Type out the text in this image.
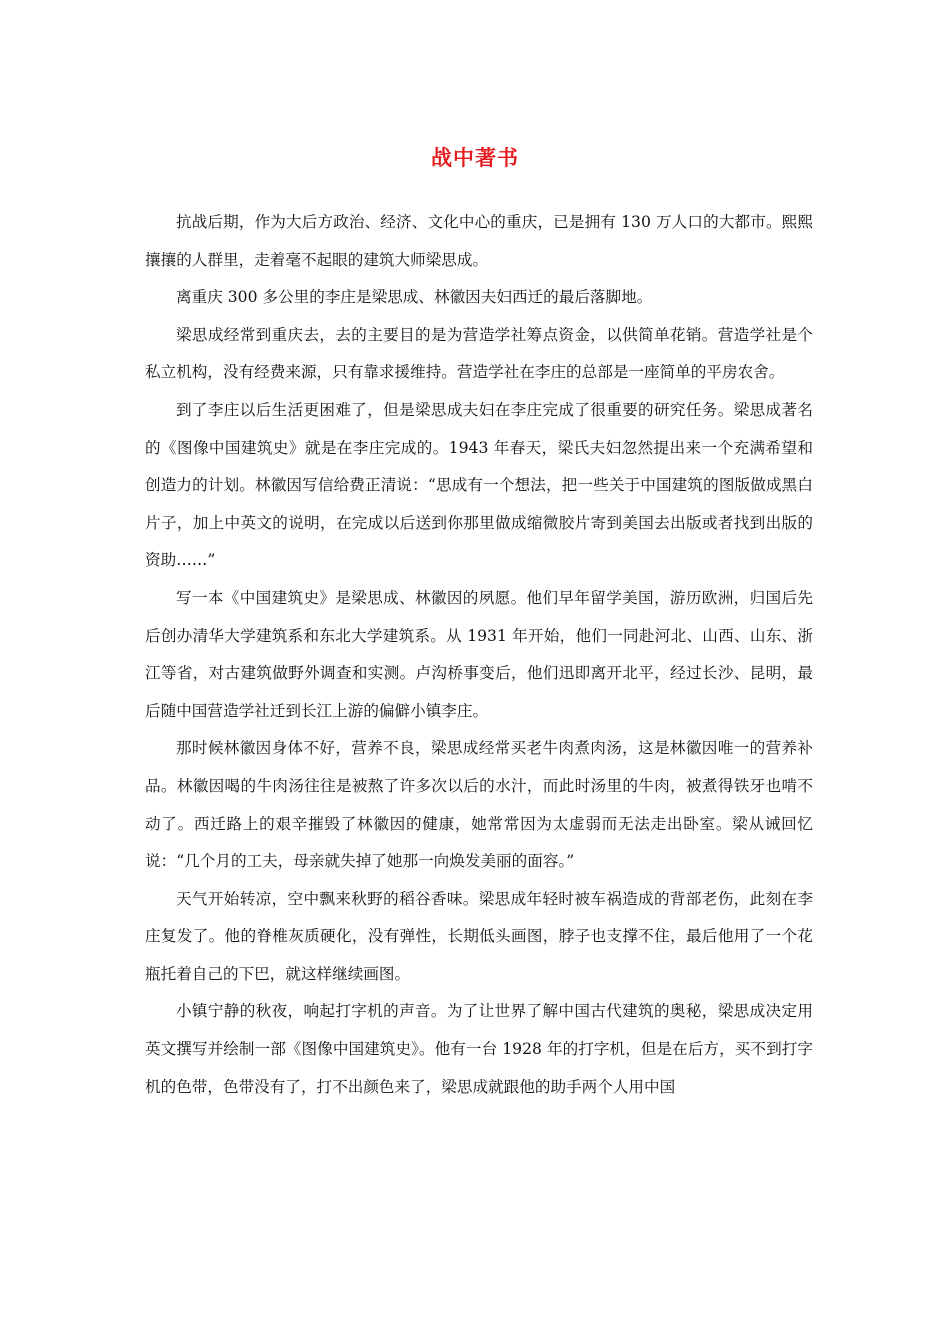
战中著书

抗战后期，作为大后方政治、经济、文化中心的重庆，已是拥有 130 万人口的大都市。熙熙攘攘的人群里，走着毫不起眼的建筑大师梁思成。

离重庆 300 多公里的李庄是梁思成、林徽因夫妇西迁的最后落脚地。

梁思成经常到重庆去，去的主要目的是为营造学社筹点资金，以供简单花销。营造学社是个私立机构，没有经费来源，只有靠求援维持。营造学社在李庄的总部是一座简单的平房农舍。

到了李庄以后生活更困难了，但是梁思成夫妇在李庄完成了很重要的研究任务。梁思成著名的《图像中国建筑史》就是在李庄完成的。1943 年春天，梁氏夫妇忽然提出来一个充满希望和创造力的计划。林徽因写信给费正清说：“思成有一个想法，把一些关于中国建筑的图版做成黑白片子，加上中英文的说明，在完成以后送到你那里做成缩微胶片寄到美国去出版或者找到出版的资助……”

写一本《中国建筑史》是梁思成、林徽因的夙愿。他们早年留学美国，游历欧洲，归国后先后创办清华大学建筑系和东北大学建筑系。从 1931 年开始，他们一同赴河北、山西、山东、浙江等省，对古建筑做野外调查和实测。卢沟桥事变后，他们迅即离开北平，经过长沙、昆明，最后随中国营造学社迁到长江上游的偏僻小镇李庄。

那时候林徽因身体不好，营养不良，梁思成经常买老牛肉煮肉汤，这是林徽因唯一的营养补品。林徽因喝的牛肉汤往往是被熬了许多次以后的水汁，而此时汤里的牛肉，被煮得铁牙也啃不动了。西迁路上的艰辛摧毁了林徽因的健康，她常常因为太虚弱而无法走出卧室。梁从诫回忆说：“几个月的工夫，母亲就失掉了她那一向焕发美丽的面容。”

天气开始转凉，空中飘来秋野的稻谷香味。梁思成年轻时被车祸造成的背部老伤，此刻在李庄复发了。他的脊椎灰质硬化，没有弹性，长期低头画图，脖子也支撑不住，最后他用了一个花瓶托着自己的下巴，就这样继续画图。

小镇宁静的秋夜，响起打字机的声音。为了让世界了解中国古代建筑的奥秘，梁思成决定用英文撰写并绘制一部《图像中国建筑史》。他有一台 1928 年的打字机，但是在后方，买不到打字机的色带，色带没有了，打不出颜色来了，梁思成就跟他的助手两个人用中国
